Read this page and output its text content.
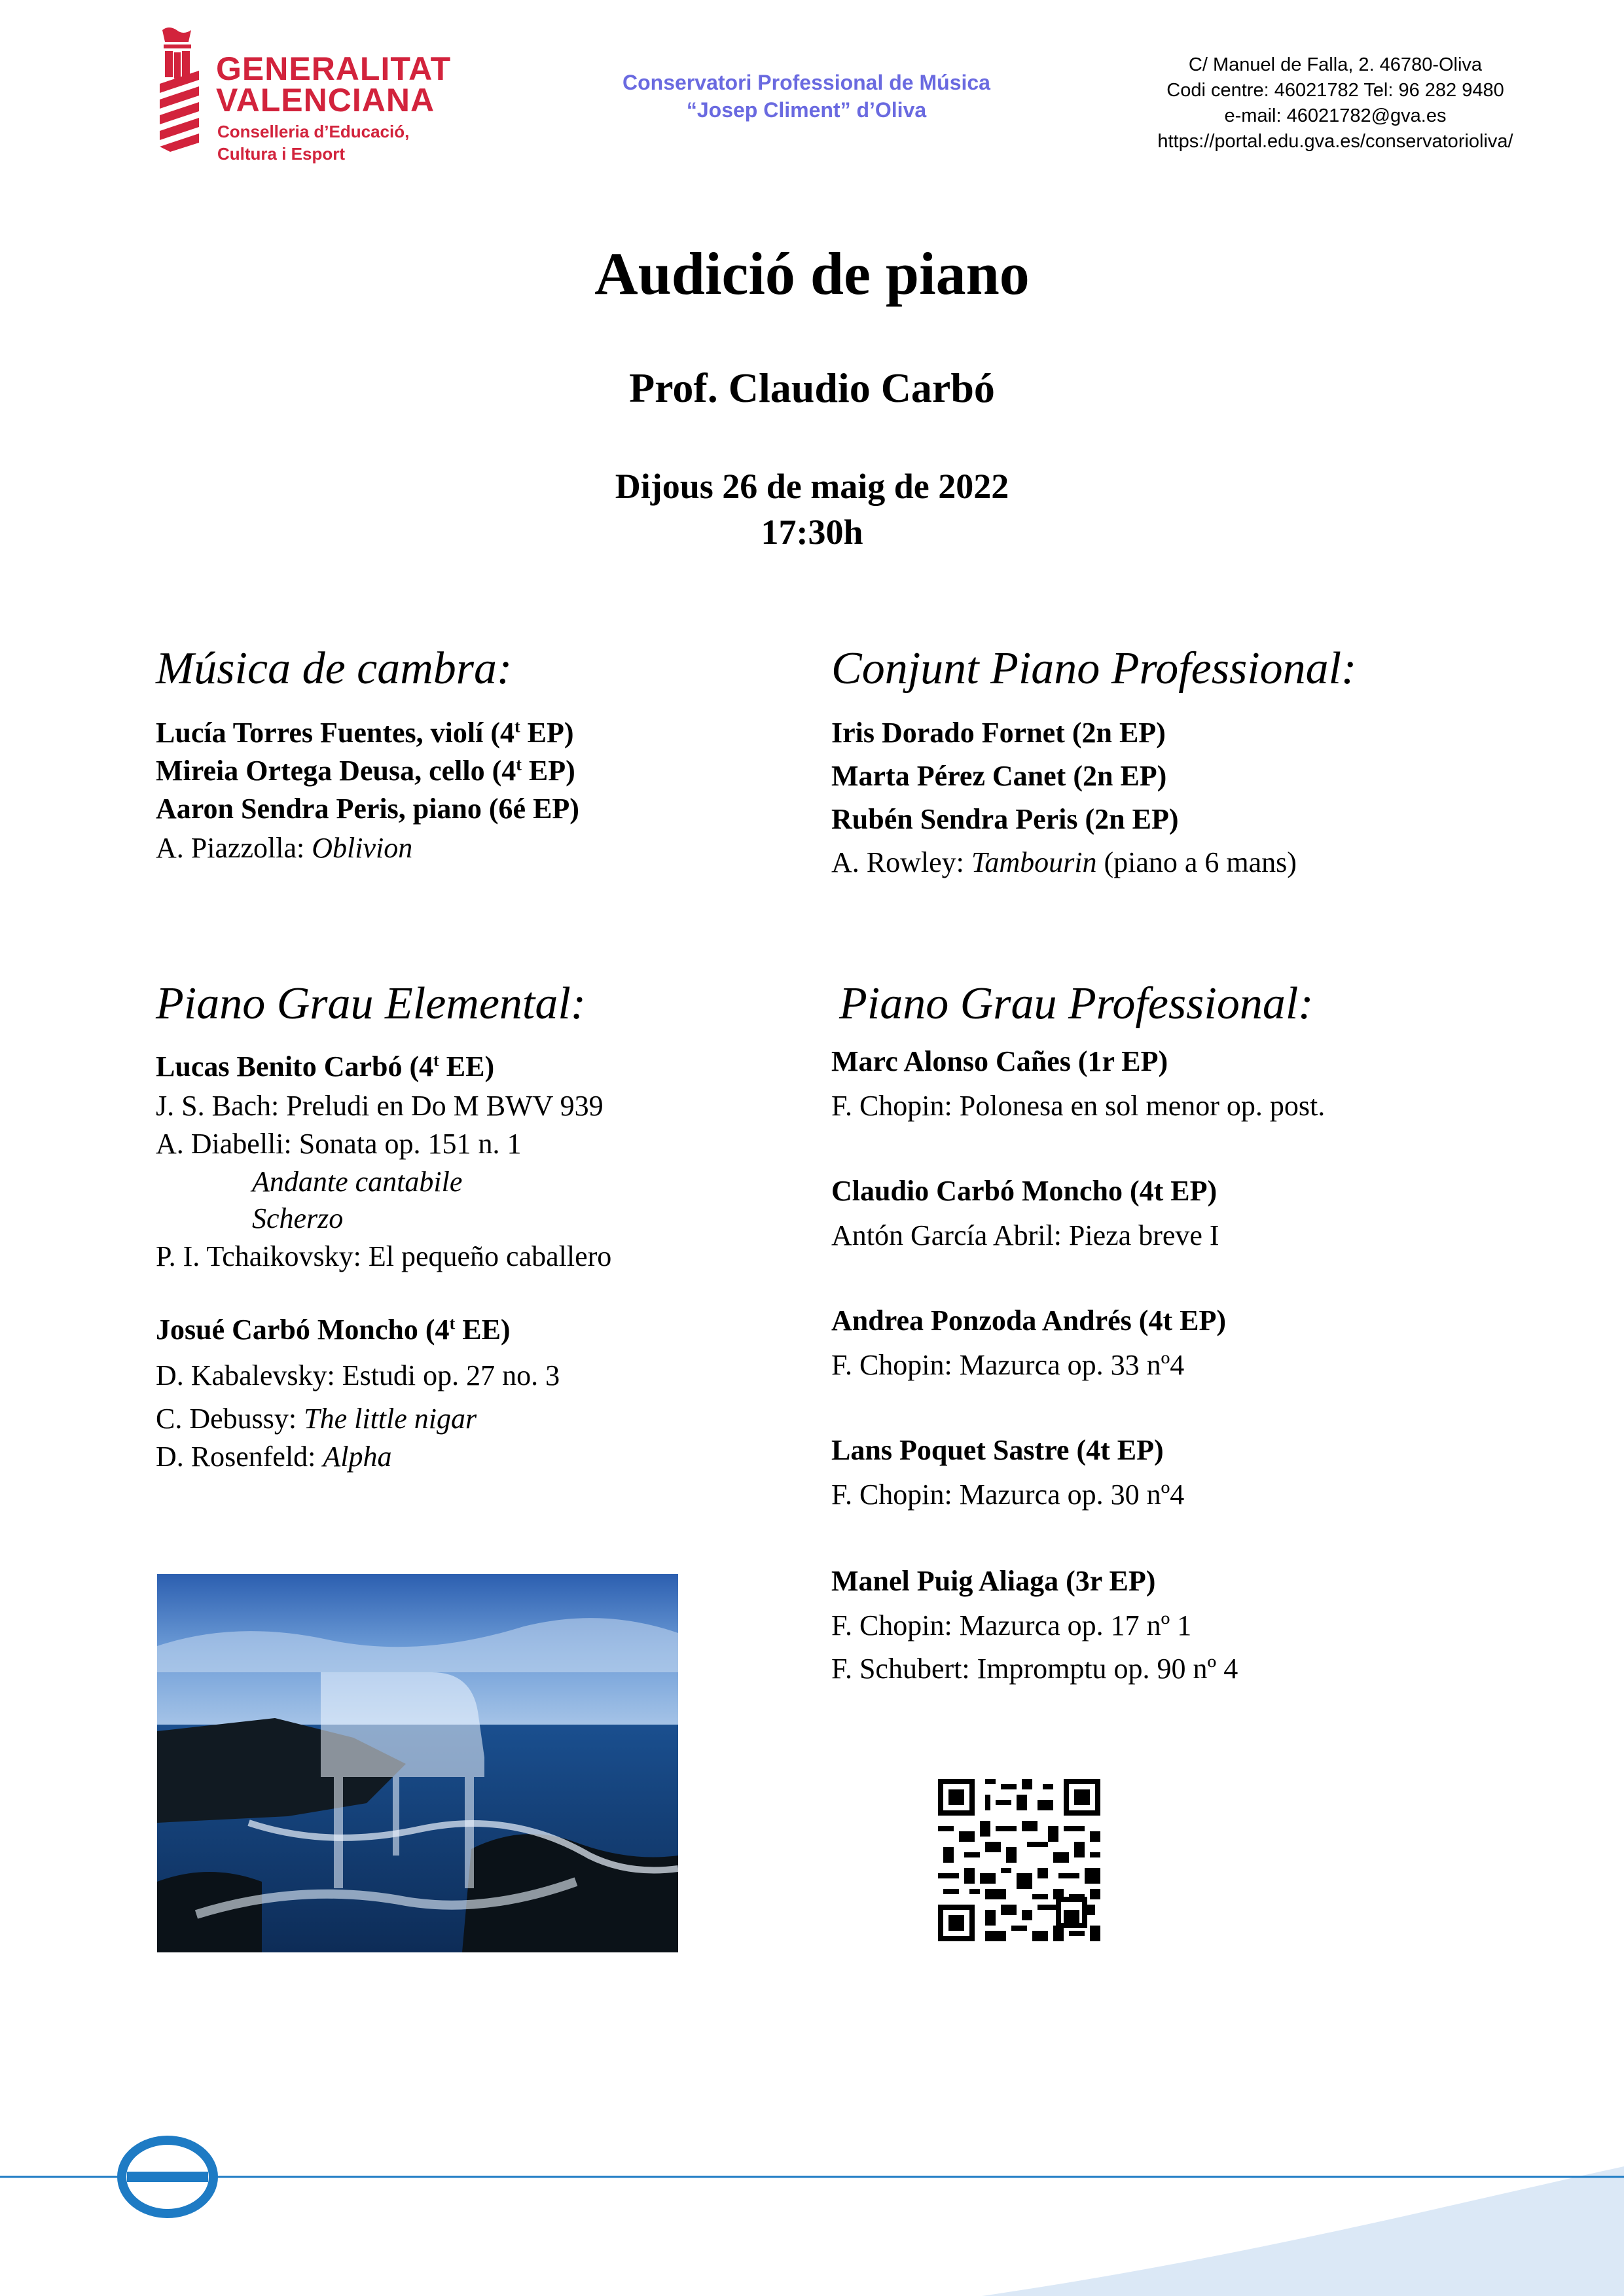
GENERALITAT
VALENCIANA
Conselleria d’Educació,
Cultura i Esport
Conservatori Professional de Música
“Josep Climent” d’Oliva
C/ Manuel de Falla, 2. 46780-Oliva
Codi centre: 46021782 Tel: 96 282 9480
e-mail: 46021782@gva.es
https://portal.edu.gva.es/conservatorioliva/
Audició de piano
Prof. Claudio Carbó
Dijous 26 de maig de 2022
17:30h
Música de cambra:
Lucía Torres Fuentes, violí (4$^t$ EP)
Mireia Ortega Deusa, cello (4$^t$ EP)
Aaron Sendra Peris, piano (6é EP)
A. Piazzolla: Oblivion
Conjunt Piano Professional:
Iris Dorado Fornet (2n EP)
Marta Pérez Canet (2n EP)
Rubén Sendra Peris (2n EP)
A. Rowley: Tambourin (piano a 6 mans)
Piano Grau Elemental:
Lucas Benito Carbó (4$^t$ EE)
J. S. Bach: Preludi en Do M BWV 939
A. Diabelli: Sonata op. 151 n. 1
Andante cantabile
Scherzo
P. I. Tchaikovsky: El pequeño caballero
Josué Carbó Moncho (4$^t$ EE)
D. Kabalevsky: Estudi op. 27 no. 3
C. Debussy: The little nigar
D. Rosenfeld: Alpha
Piano Grau Professional:
Marc Alonso Cañes (1r EP)
F. Chopin: Polonesa en sol menor op. post.
Claudio Carbó Moncho (4t EP)
Antón García Abril: Pieza breve I
Andrea Ponzoda Andrés (4t EP)
F. Chopin: Mazurca op. 33 nº4
Lans Poquet Sastre (4t EP)
F. Chopin: Mazurca op. 30 nº4
Manel Puig Aliaga (3r EP)
F. Chopin: Mazurca op. 17 nº 1
F. Schubert: Impromptu op. 90 nº 4
